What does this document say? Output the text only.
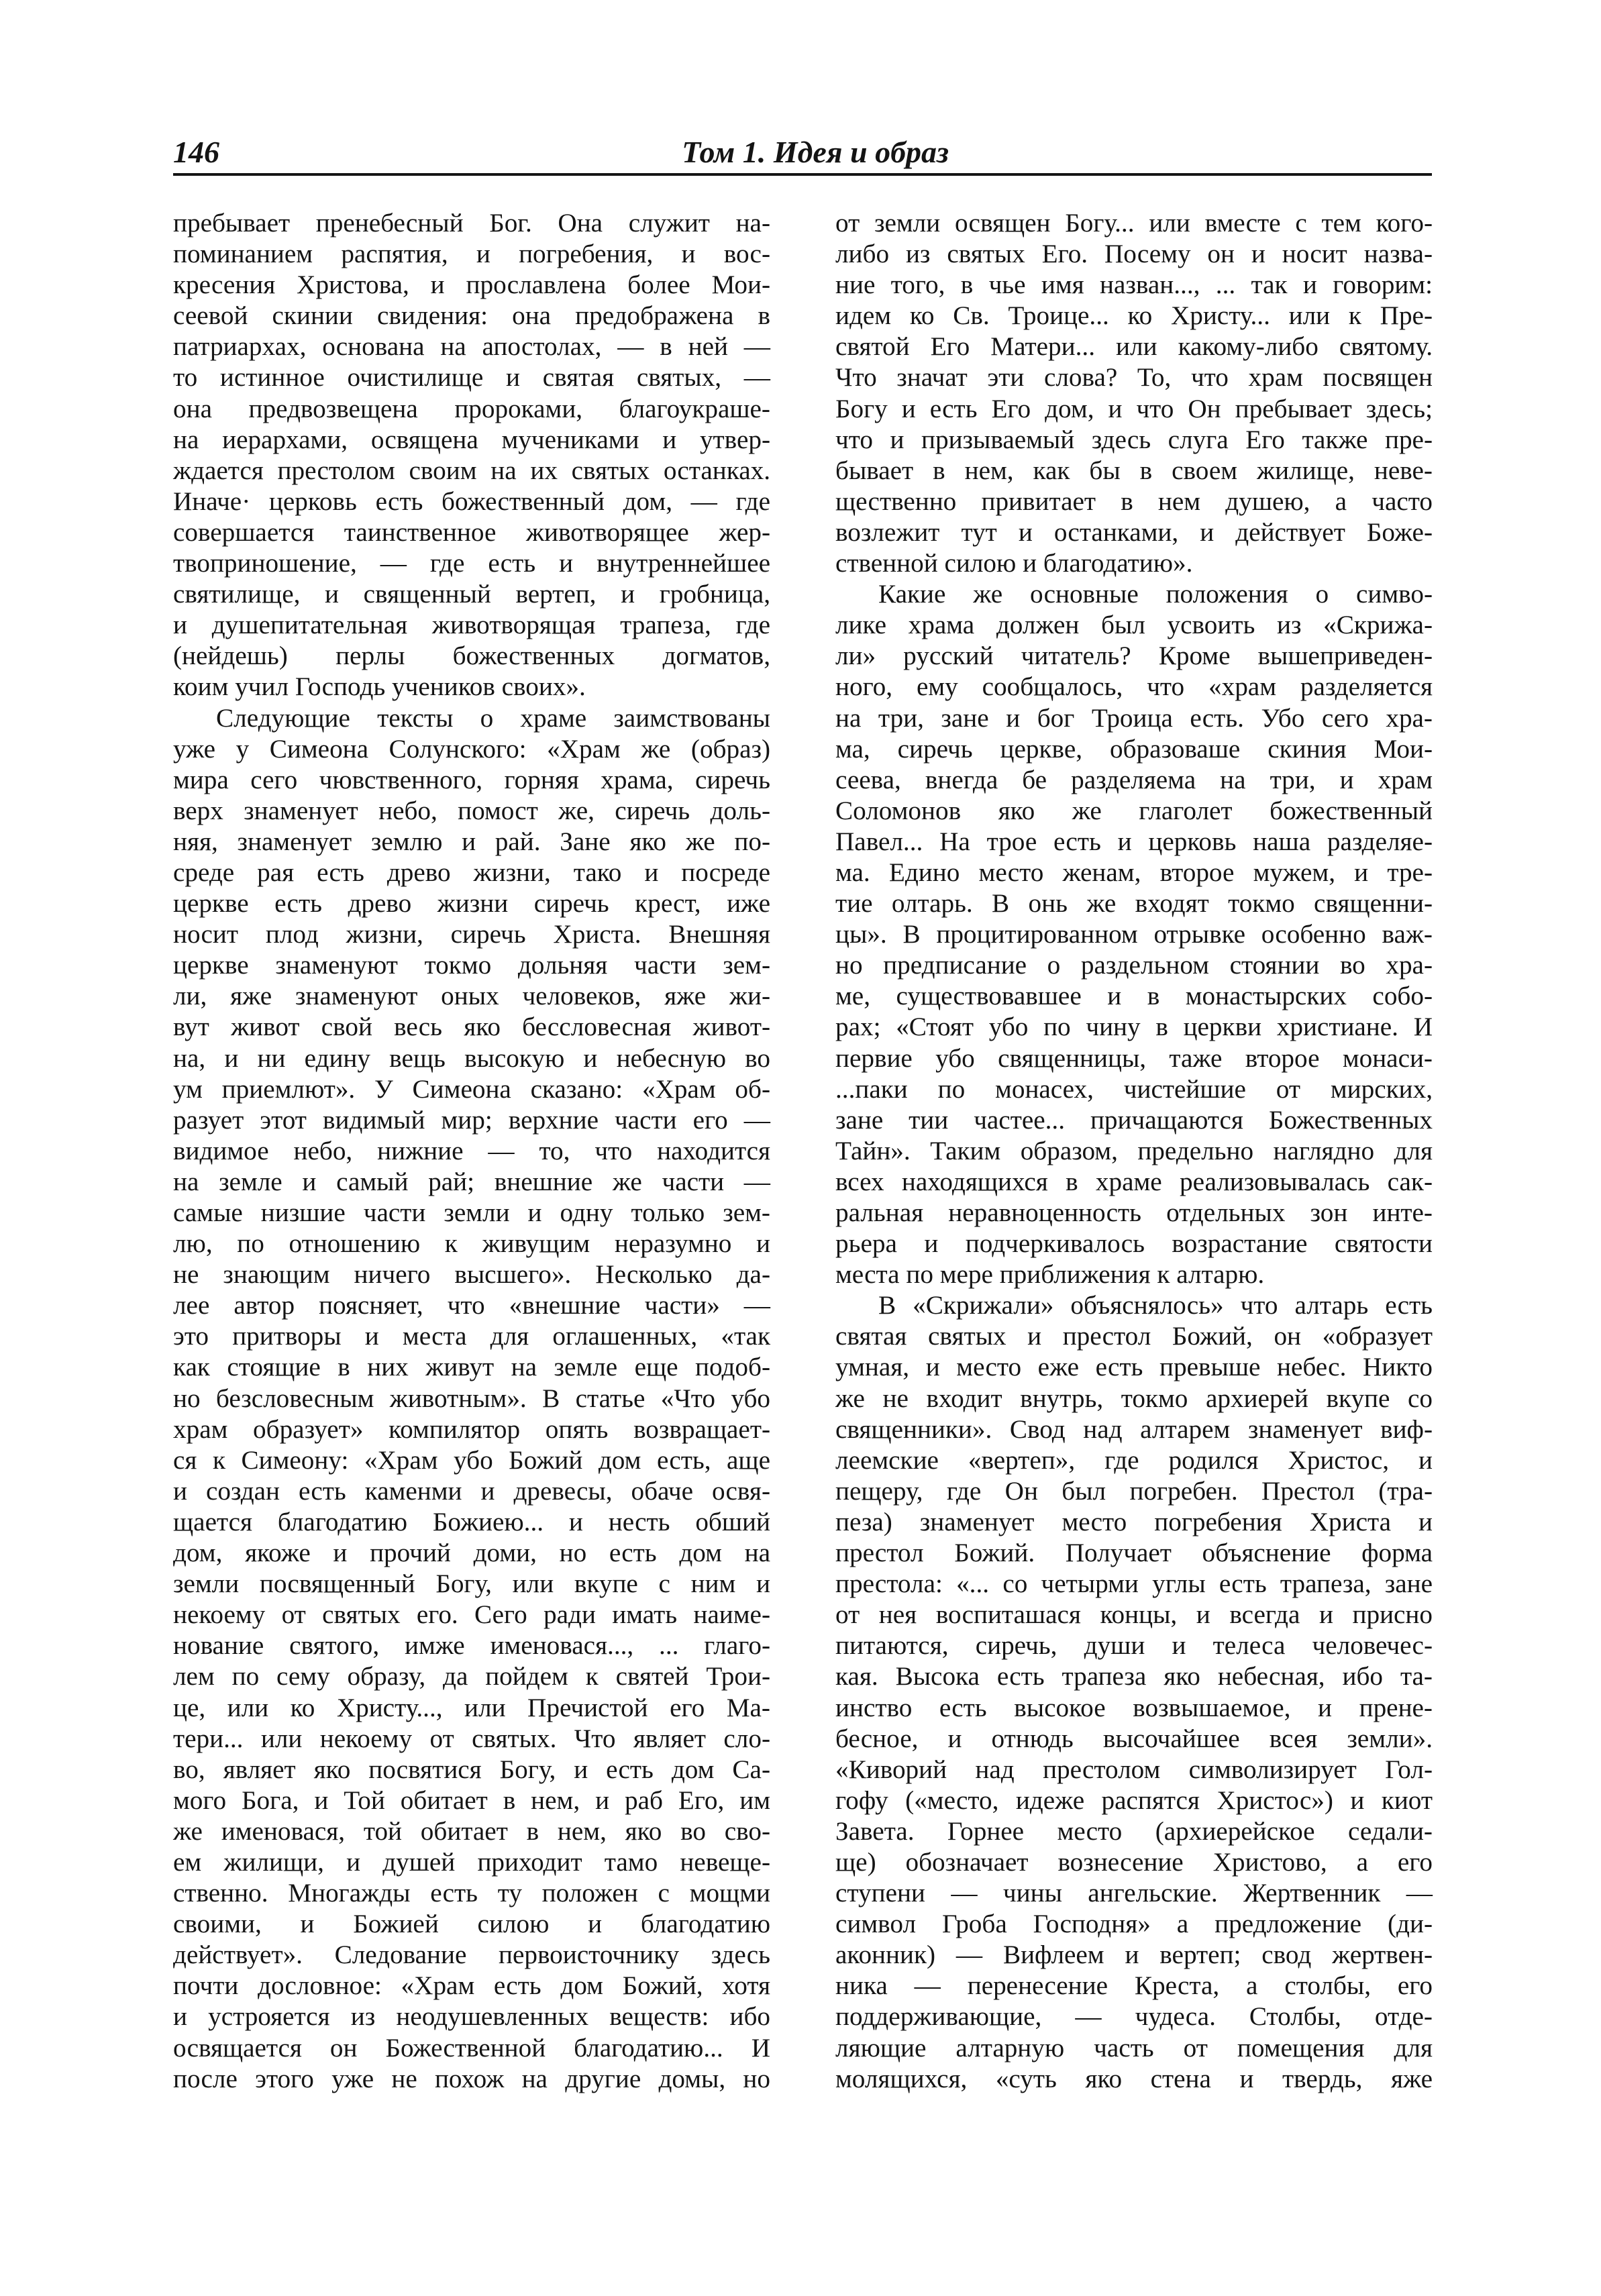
146	Том 1. Идея и образ

пребывает пренебесный Бог. Она служит на-
поминанием распятия, и погребения, и вос-
кресения Христова, и прославлена более Мои-
сеевой скинии свидения: она предображена в
патриархах, основана на апостолах, — в ней —
то истинное очистилище и святая святых, —
она предвозвещена пророками, благоукраше-
на иерархами, освящена мучениками и утвер-
ждается престолом своим на их святых останках.
Иначе· церковь есть божественный дом, — где
совершается таинственное животворящее жер-
твоприношение, — где есть и внутреннейшее
святилище, и священный вертеп, и гробница,
и душепитательная животворящая трапеза, где
(нейдешь) перлы божественных догматов,
коим учил Господь учеников своих».

Следующие тексты о храме заимствованы
уже у Симеона Солунского: «Храм же (образ)
мира сего чювственного, горняя храма, сиречь
верх знаменует небо, помост же, сиречь доль-
няя, знаменует землю и рай. Зане яко же по-
среде рая есть древо жизни, тако и посреде
церкве есть древо жизни сиречь крест, иже
носит плод жизни, сиречь Христа. Внешняя
церкве знаменуют токмо дольняя части зем-
ли, яже знаменуют оных человеков, яже жи-
вут живот свой весь яко бессловесная живот-
на, и ни едину вещь высокую и небесную во
ум приемлют». У Симеона сказано: «Храм об-
разует этот видимый мир; верхние части его —
видимое небо, нижние — то, что находится
на земле и самый рай; внешние же части —
самые низшие части земли и одну только зем-
лю, по отношению к живущим неразумно и
не знающим ничего высшего». Несколько да-
лее автор поясняет, что «внешние части» —
это притворы и места для оглашенных, «так
как стоящие в них живут на земле еще подоб-
но безсловесным животным». В статье «Что убо
храм образует» компилятор опять возвращает-
ся к Симеону: «Храм убо Божий дом есть, аще
и создан есть каменми и древесы, обаче освя-
щается благодатию Божиею... и несть обший
дом, якоже и прочий доми, но есть дом на
земли посвященный Богу, или вкупе с ним и
некоему от святых его. Сего ради имать наиме-
нование святого, имже именовася..., ... глаго-
лем по сему образу, да пойдем к святей Трои-
це, или ко Христу..., или Пречистой его Ма-
тери... или некоему от святых. Что являет сло-
во, являет яко посвятися Богу, и есть дом Са-
мого Бога, и Той обитает в нем, и раб Его, им
же именовася, той обитает в нем, яко во сво-
ем жилищи, и душей приходит тамо невеще-
ственно. Многажды есть ту положен с мощми
своими, и Божией силою и благодатию
действует». Следование первоисточнику здесь
почти дословное: «Храм есть дом Божий, хотя
и устрояется из неодушевленных веществ: ибо
освящается он Божественной благодатию... И
после этого уже не похож на другие домы, но

от земли освящен Богу... или вместе с тем кого-
либо из святых Его. Посему он и носит назва-
ние того, в чье имя назван..., ... так и говорим:
идем ко Св. Троице... ко Христу... или к Пре-
святой Его Матери... или какому-либо святому.
Что значат эти слова? То, что храм посвящен
Богу и есть Его дом, и что Он пребывает здесь;
что и призываемый здесь слуга Его также пре-
бывает в нем, как бы в своем жилище, неве-
щественно привитает в нем душею, а часто
возлежит тут и останками, и действует Боже-
ственной силою и благодатию».

Какие же основные положения о симво-
лике храма должен был усвоить из «Скрижа-
ли» русский читатель? Кроме вышеприведен-
ного, ему сообщалось, что «храм разделяется
на три, зане и бог Троица есть. Убо сего хра-
ма, сиречь церкве, образоваше скиния Мои-
сеева, внегда бе разделяема на три, и храм
Соломонов яко же глаголет божественный
Павел... На трое есть и церковь наша разделяе-
ма. Едино место женам, второе мужем, и тре-
тие олтарь. В онь же входят токмо священни-
цы». В процитированном отрывке особенно важ-
но предписание о раздельном стоянии во хра-
ме, существовавшее и в монастырских собо-
рах; «Стоят убо по чину в церкви христиане. И
первие убо священницы, таже второе монаси-
...паки по монасех, чистейшие от мирских,
зане тии частее... причащаются Божественных
Тайн». Таким образом, предельно наглядно для
всех находящихся в храме реализовывалась сак-
ральная неравноценность отдельных зон инте-
рьера и подчеркивалось возрастание святости
места по мере приближения к алтарю.

В «Скрижали» объяснялось» что алтарь есть
святая святых и престол Божий, он «образует
умная, и место еже есть превыше небес. Никто
же не входит внутрь, токмо архиерей вкупе со
священники». Свод над алтарем знаменует виф-
леемские «вертеп», где родился Христос, и
пещеру, где Он был погребен. Престол (тра-
пеза) знаменует место погребения Христа и
престол Божий. Получает объяснение форма
престола: «... со четырми углы есть трапеза, зане
от нея воспиташася концы, и всегда и присно
питаются, сиречь, души и телеса человечес-
кая. Высока есть трапеза яко небесная, ибо та-
инство есть высокое возвышаемое, и прене-
бесное, и отнюдь высочайшее всея земли».
«Киворий над престолом символизирует Гол-
гофу («место, идеже распятся Христос») и киот
Завета. Горнее место (архиерейское седали-
ще) обозначает вознесение Христово, а его
ступени — чины ангельские. Жертвенник —
символ Гроба Господня» а предложение (ди-
аконник) — Вифлеем и вертеп; свод жертвен-
ника — перенесение Креста, а столбы, его
поддерживающие, — чудеса. Столбы, отде-
ляющие алтарную часть от помещения для
молящихся, «суть яко стена и твердь, яже
